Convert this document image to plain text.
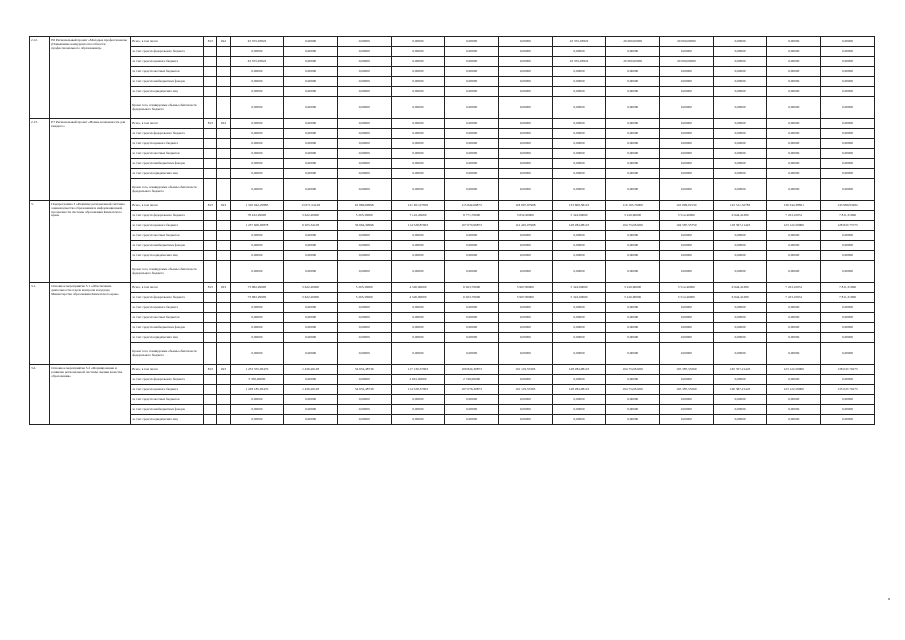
2.12.	Е6 Региональный проект «Молодые профессионалы (Повышение конкурентоспособности профессионального образования)»	Всего, в том числе:	813	022	43 355,03822	0,00000	0,00000	0,00000	0,00000	0,00000	43 355,03822	20 000,00000	20 000,00000	0,00000	0,00000	0,00000
		за счет средств федерального бюджета			0,00000	0,00000	0,00000	0,00000	0,00000	0,00000	0,00000	0,00000	0,00000	0,00000	0,00000	0,00000
		за счет средств краевого бюджета			43 355,03822	0,00000	0,00000	0,00000	0,00000	0,00000	43 355,03822	20 000,00000	20 000,00000	0,00000	0,00000	0,00000
		за счет средств местных бюджетов			0,00000	0,00000	0,00000	0,00000	0,00000	0,00000	0,00000	0,00000	0,00000	0,00000	0,00000	0,00000
		за счет средств внебюджетных фондов			0,00000	0,00000	0,00000	0,00000	0,00000	0,00000	0,00000	0,00000	0,00000	0,00000	0,00000	0,00000
		за счет средств юридических лиц			0,00000	0,00000	0,00000	0,00000	0,00000	0,00000	0,00000	0,00000	0,00000	0,00000	0,00000	0,00000
		Кроме того, планируемые объемы обязательств федерального бюджета			0,00000	0,00000	0,00000	0,00000	0,00000	0,00000	0,00000	0,00000	0,00000	0,00000	0,00000	0,00000
2.13.	Е7 Региональный проект «Новые возможности для каждого»	Всего, в том числе:	813	022	0,00000	0,00000	0,00000	0,00000	0,00000	0,00000	0,00000	0,00000	0,00000	0,00000	0,00000	0,00000
		за счет средств федерального бюджета			0,00000	0,00000	0,00000	0,00000	0,00000	0,00000	0,00000	0,00000	0,00000	0,00000	0,00000	0,00000
		за счет средств краевого бюджета			0,00000	0,00000	0,00000	0,00000	0,00000	0,00000	0,00000	0,00000	0,00000	0,00000	0,00000	0,00000
		за счет средств местных бюджетов			0,00000	0,00000	0,00000	0,00000	0,00000	0,00000	0,00000	0,00000	0,00000	0,00000	0,00000	0,00000
		за счет средств внебюджетных фондов			0,00000	0,00000	0,00000	0,00000	0,00000	0,00000	0,00000	0,00000	0,00000	0,00000	0,00000	0,00000
		за счет средств юридических лиц			0,00000	0,00000	0,00000	0,00000	0,00000	0,00000	0,00000	0,00000	0,00000	0,00000	0,00000	0,00000
		Кроме того, планируемые объемы обязательств федерального бюджета			0,00000	0,00000	0,00000	0,00000	0,00000	0,00000	0,00000	0,00000	0,00000	0,00000	0,00000	0,00000
3.	Подпрограмма 3 «Развитие региональной системы оценки качества образования и информационной прозрачности системы образования Камчатского края»	Всего, в том числе:	813	023	1 316 042,25883	13 071,54128	61 869,69996	121 651,07903	115 842,60873	118 097,97908	133 609,38123	110 163,70000	110 099,01550	125 311,52783	130 344,38851	143 980,93262
		за счет средств федерального бюджета			78 432,29995	5 622,20000	5 205,30000	7 122,20000	8 771,70000	5 652,90000	5 324,00000	5 416,90000	5 512,40000	6 944,41280	7 223,10951	7 811,31996
		за счет средств краевого бюджета			1 237 609,95878	6 205,34128	56 664,39996	114 528,87903	107 070,90873	112 445,07908	128 284,98123	104 752,82200	104 587,55750	118 367,11423	123 122,59900	128 847,75775
		за счет средств местных бюджетов			0,00000	0,00000	0,00000	0,00000	0,00000	0,00000	0,00000	0,00000	0,00000	0,00000	0,00000	0,00000
		за счет средств внебюджетных фондов			0,00000	0,00000	0,00000	0,00000	0,00000	0,00000	0,00000	0,00000	0,00000	0,00000	0,00000	0,00000
		за счет средств юридических лиц			0,00000	0,00000	0,00000	0,00000	0,00000	0,00000	0,00000	0,00000	0,00000	0,00000	0,00000	0,00000
		Кроме того, планируемые объемы обязательств федерального бюджета			0,00000	0,00000	0,00000	0,00000	0,00000	0,00000	0,00000	0,00000	0,00000	0,00000	0,00000	0,00000
3.1.	Основное мероприятие 3.1 «Обеспечение деятельности отдела контроля и надзора Министерства образования Камчатского края»	Всего, в том числе:	813	023	73 082,29995	5 622,20000	5 205,30000	4 520,90000	6 023,70000	5 967,80000	5 324,00000	5 416,90000	5 512,40000	6 944,41280	7 223,10951	7 811,31996
		за счет средств федерального бюджета			73 082,29995	5 622,20000	5 205,30000	4 520,90000	6 023,70000	5 967,80000	5 324,00000	5 416,90000	5 512,40000	6 944,41280	7 223,10951	7 811,31996
		за счет средств краевого бюджета			0,00000	0,00000	0,00000	0,00000	0,00000	0,00000	0,00000	0,00000	0,00000	0,00000	0,00000	0,00000
		за счет средств местных бюджетов			0,00000	0,00000	0,00000	0,00000	0,00000	0,00000	0,00000	0,00000	0,00000	0,00000	0,00000	0,00000
		за счет средств внебюджетных фондов			0,00000	0,00000	0,00000	0,00000	0,00000	0,00000	0,00000	0,00000	0,00000	0,00000	0,00000	0,00000
		за счет средств юридических лиц			0,00000	0,00000	0,00000	0,00000	0,00000	0,00000	0,00000	0,00000	0,00000	0,00000	0,00000	0,00000
		Кроме того, планируемые объемы обязательств федерального бюджета			0,00000	0,00000	0,00000	0,00000	0,00000	0,00000	0,00000	0,00000	0,00000	0,00000	0,00000	0,00000
3.2.	Основное мероприятие 3.2 «Формирование и развитие региональной системы оценки качества образования»	Всего, в том числе:	813	023	1 233 355,95470	1 456,26128	54 652,48736	117 130,37903	109 824,30873	110 119,55303	128 284,98123	104 752,82200	105 387,55560	165 357,21423	123 122,59900	138 047,70275
		за счет средств федерального бюджета			5 350,00000	0,00000	0,00000	2 601,00000	2 749,00000	0,00000	0,00000	0,00000	0,00000	0,00000	0,00000	0,00000
		за счет средств краевого бюджета			1 228 185,95470	1 456,26128	54 652,48736	114 528,37903	107 076,30873	110 119,55303	128 284,98123	104 752,82200	105 387,55560	160 387,21423	123 122,59900	135 047,70275
		за счет средств местных бюджетов			0,00000	0,00000	0,00000	0,00000	0,00000	0,00000	0,00000	0,00000	0,00000	0,00000	0,00000	0,00000
		за счет средств внебюджетных фондов			0,00000	0,00000	0,00000	0,00000	0,00000	0,00000	0,00000	0,00000	0,00000	0,00000	0,00000	0,00000
		за счет средств юридических лиц			0,00000	0,00000	0,00000	0,00000	0,00000	0,00000	0,00000	0,00000	0,00000	0,00000	0,00000	0,00000
